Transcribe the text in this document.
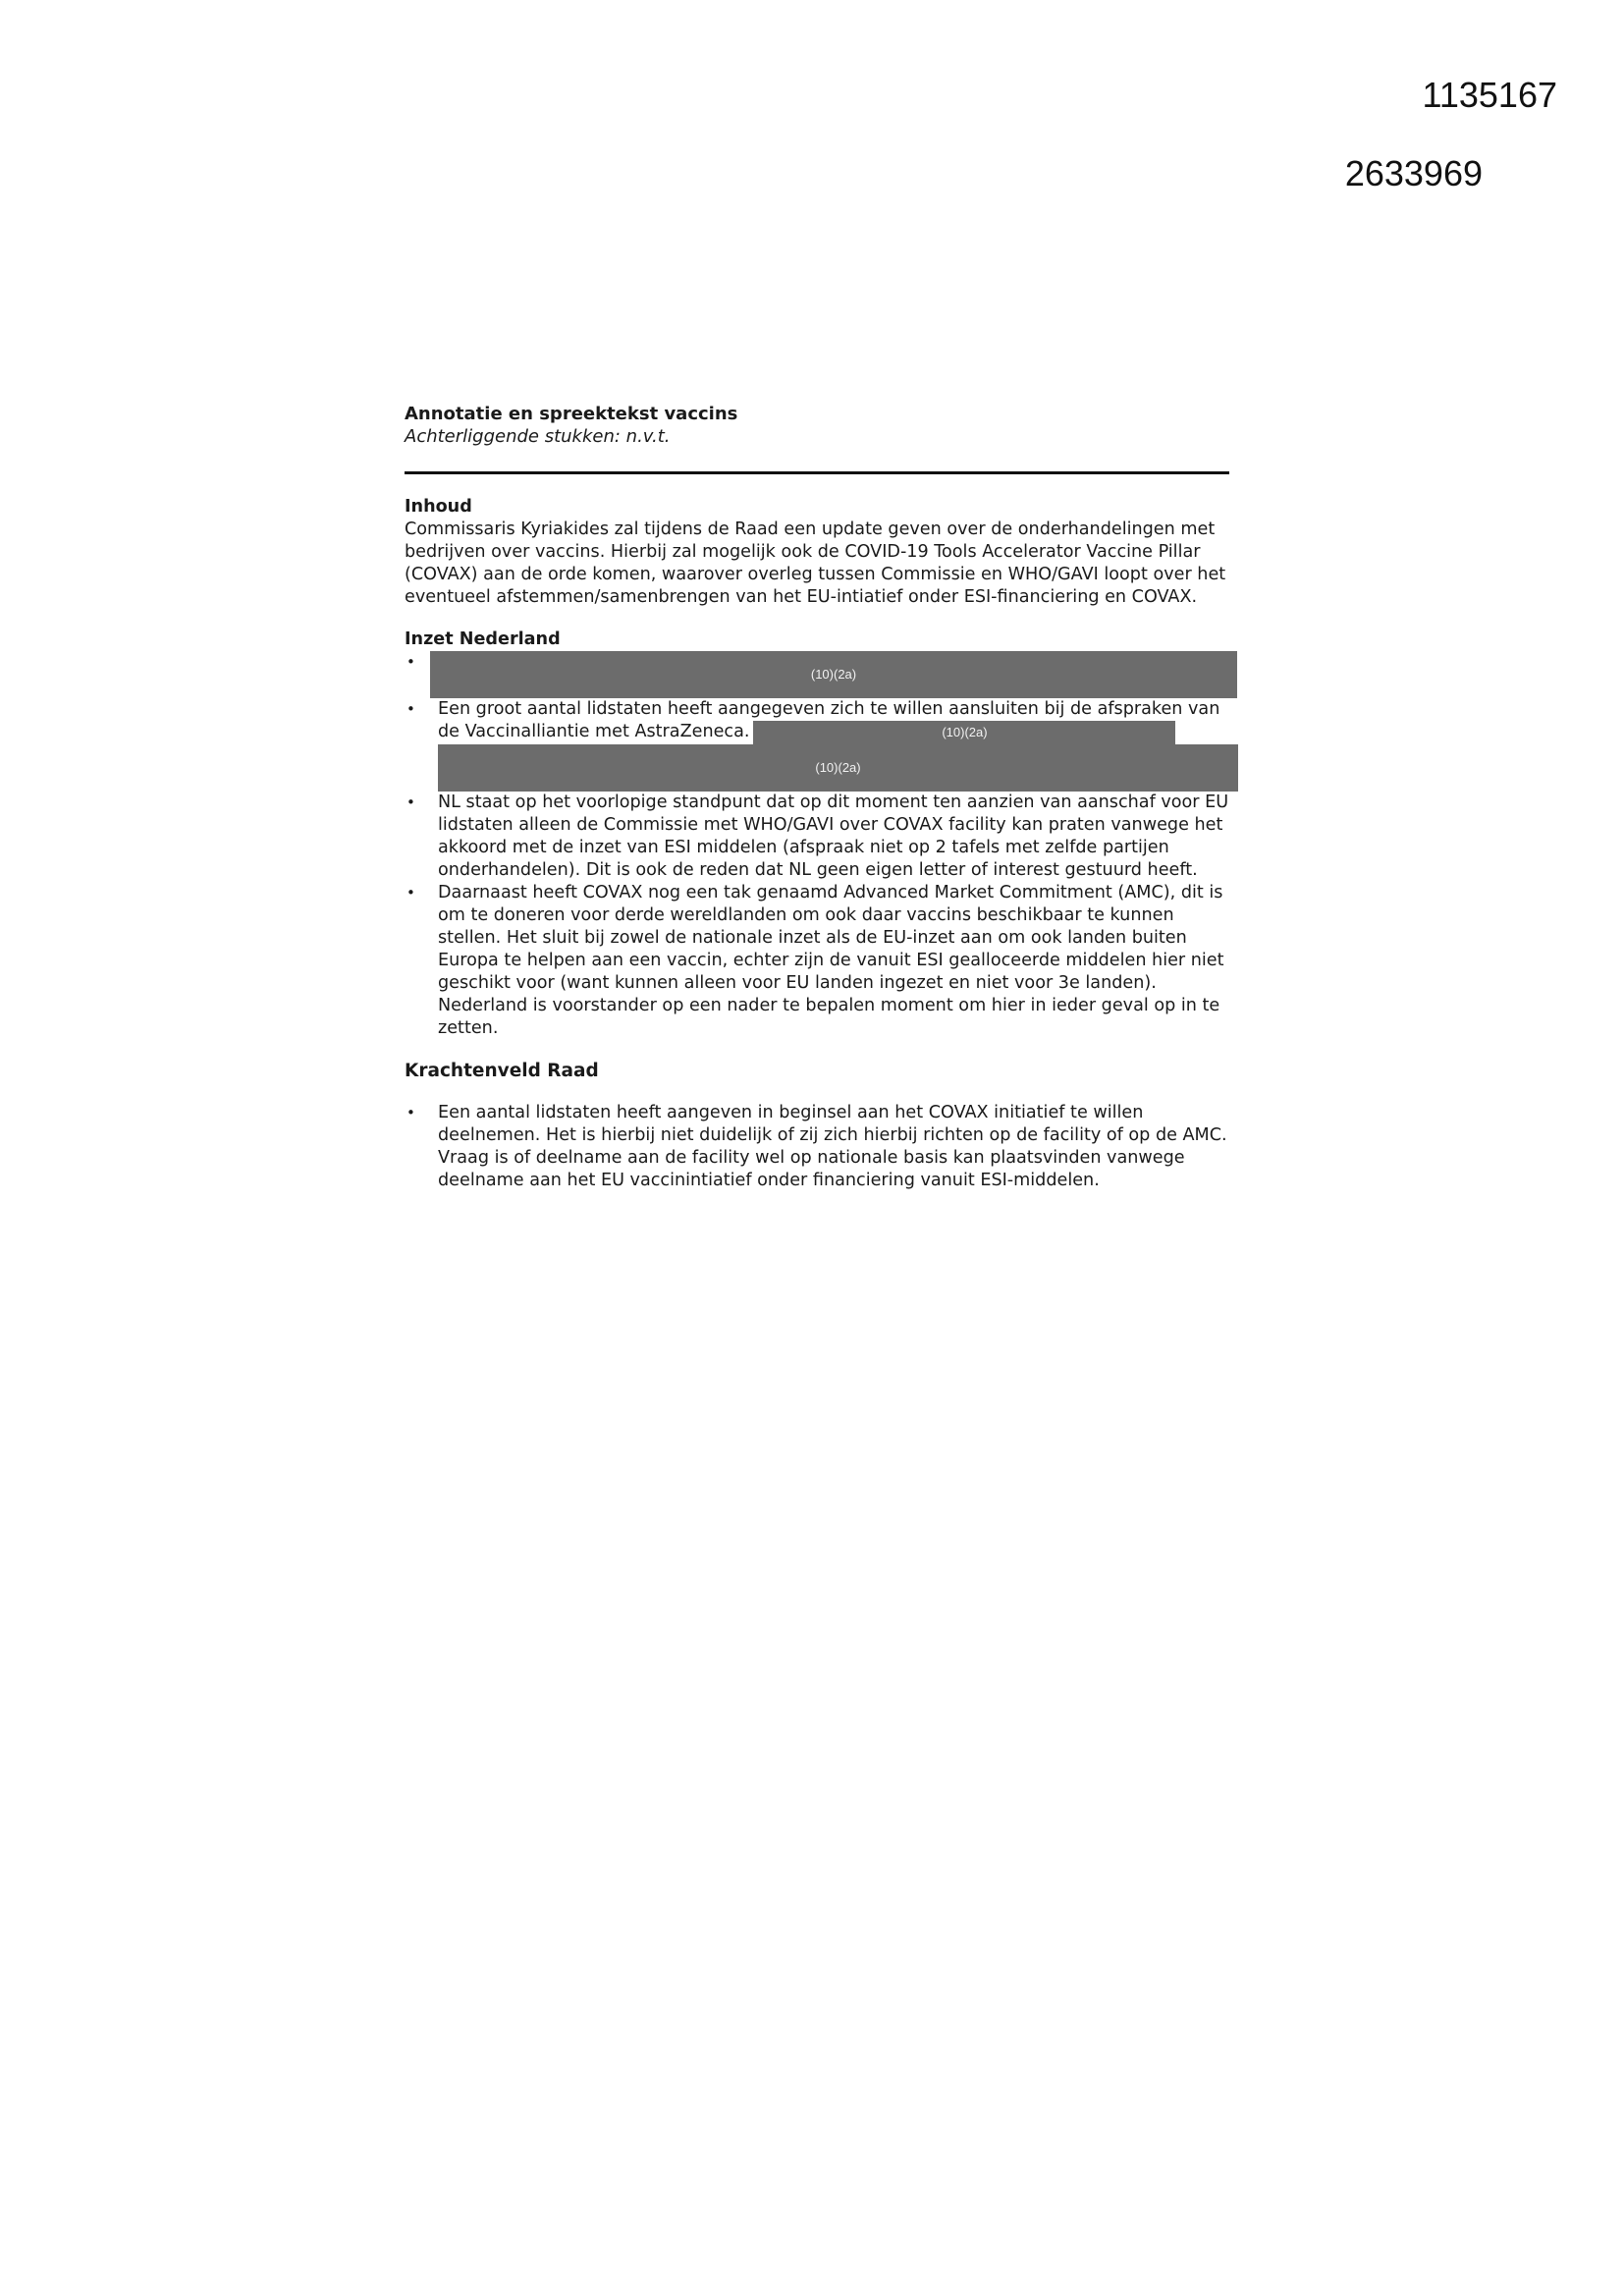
1135167
2633969
Annotatie en spreektekst vaccins
Achterliggende stukken: n.v.t.
Inhoud

Commissaris Kyriakides zal tijdens de Raad een update geven over de onderhandelingen met bedrijven over vaccins. Hierbij zal mogelijk ook de COVID-19 Tools Accelerator Vaccine Pillar (COVAX) aan de orde komen, waarover overleg tussen Commissie en WHO/GAVI loopt over het eventueel afstemmen/samenbrengen van het EU-intiatief onder ESI-financiering en COVAX.

Inzet Nederland
•
(10)(2a)
•	Een groot aantal lidstaten heeft aangegeven zich te willen aansluiten bij de afspraken van de Vaccinalliantie met AstraZeneca.	(10)(2a)
(10)(2a)
•	NL staat op het voorlopige standpunt dat op dit moment ten aanzien van aanschaf voor EU lidstaten alleen de Commissie met WHO/GAVI over COVAX facility kan praten vanwege het akkoord met de inzet van ESI middelen (afspraak niet op 2 tafels met zelfde partijen onderhandelen). Dit is ook de reden dat NL geen eigen letter of interest gestuurd heeft.
•	Daarnaast heeft COVAX nog een tak genaamd Advanced Market Commitment (AMC), dit is om te doneren voor derde wereldlanden om ook daar vaccins beschikbaar te kunnen stellen. Het sluit bij zowel de nationale inzet als de EU-inzet aan om ook landen buiten Europa te helpen aan een vaccin, echter zijn de vanuit ESI gealloceerde middelen hier niet geschikt voor (want kunnen alleen voor EU landen ingezet en niet voor 3e landen). Nederland is voorstander op een nader te bepalen moment om hier in ieder geval op in te zetten.
Krachtenveld Raad
•	Een aantal lidstaten heeft aangeven in beginsel aan het COVAX initiatief te willen deelnemen. Het is hierbij niet duidelijk of zij zich hierbij richten op de facility of op de AMC. Vraag is of deelname aan de facility wel op nationale basis kan plaatsvinden vanwege deelname aan het EU vaccinintiatief onder financiering vanuit ESI-middelen.
